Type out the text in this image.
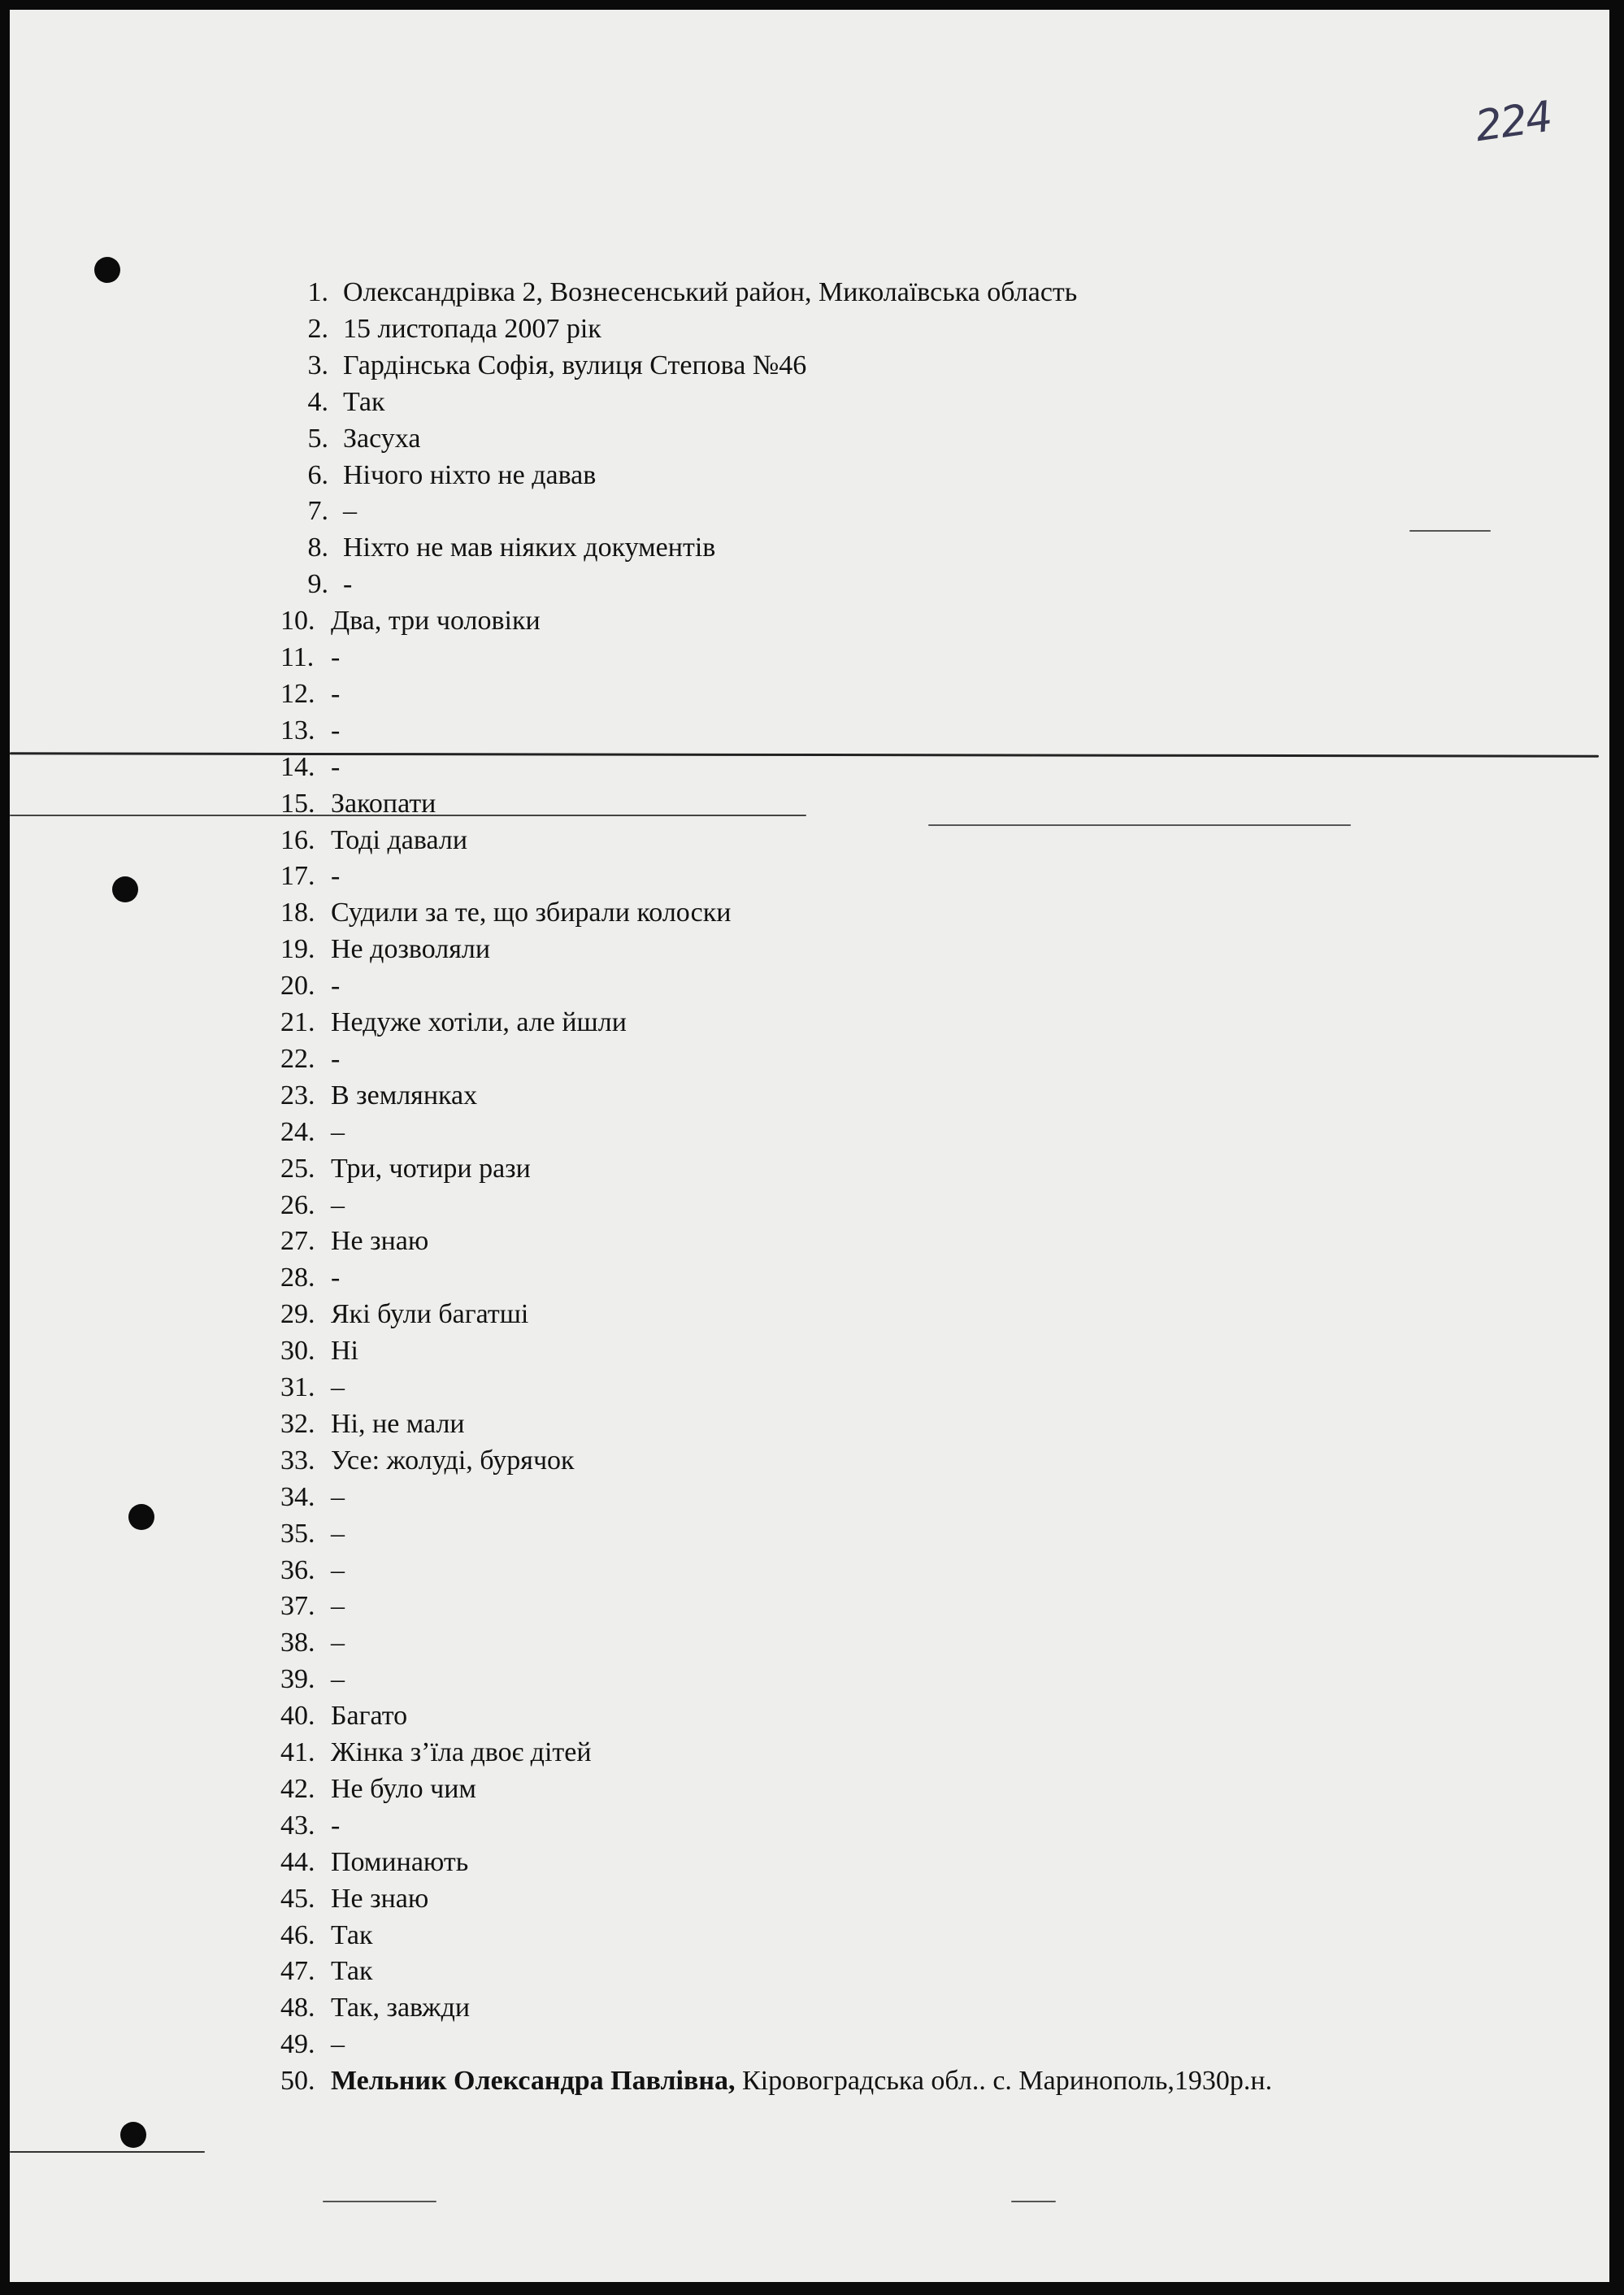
224
1. Олександрівка 2, Вознесенський район, Миколаївська область
2. 15 листопада 2007 рік
3. Гардінська Софія, вулиця Степова №46
4. Так
5. Засуха
6. Нічого ніхто не давав
7. –
8. Ніхто не мав ніяких документів
9. -
10. Два, три чоловіки
11. -
12. -
13. -
14. -
15. Закопати
16. Тоді давали
17. -
18. Судили за те, що збирали колоски
19. Не дозволяли
20. -
21. Недуже хотіли, але йшли
22. -
23. В землянках
24. –
25. Три, чотири рази
26. –
27. Не знаю
28. -
29. Які були багатші
30. Ні
31. –
32. Ні, не мали
33. Усе: жолуді, бурячок
34. –
35. –
36. –
37. –
38. –
39. –
40. Багато
41. Жінка з’їла двоє дітей
42. Не було чим
43. -
44. Поминають
45. Не знаю
46. Так
47. Так
48. Так, завжди
49. –
50. Мельник Олександра Павлівна, Кіровоградська обл.. с. Маринополь,1930р.н.
